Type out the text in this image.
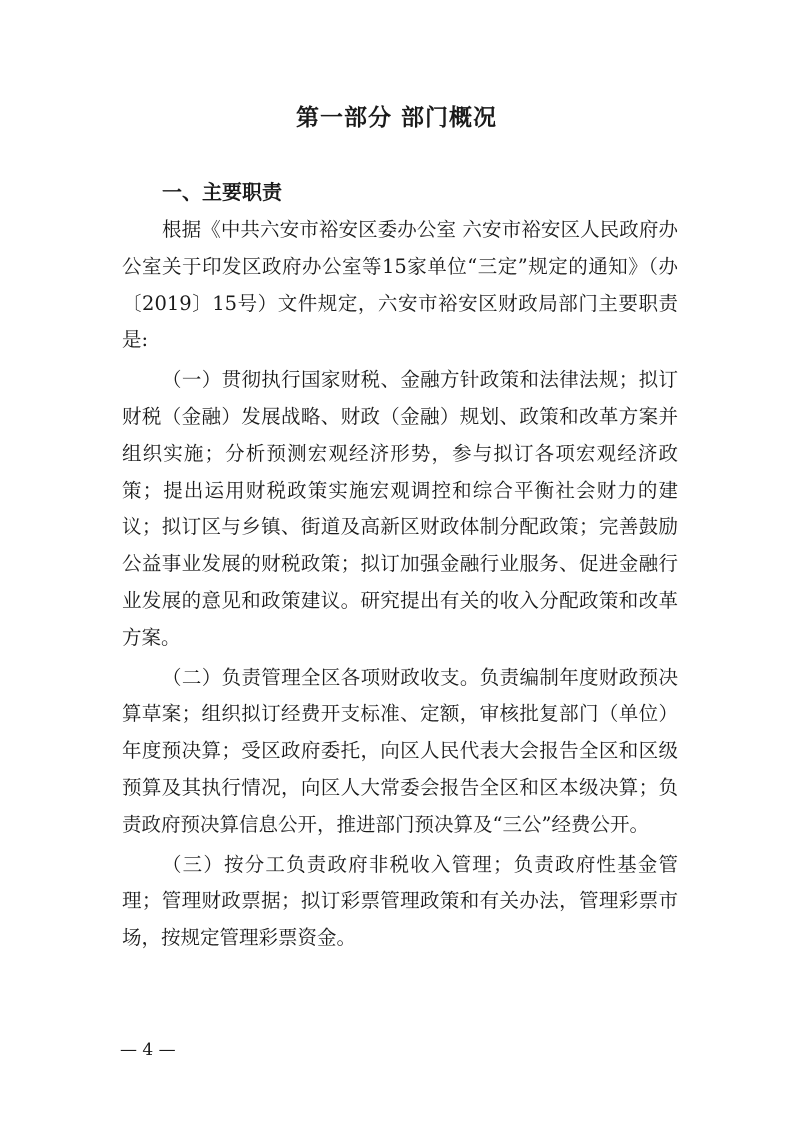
第一部分 部门概况
一、主要职责

根据《中共六安市裕安区委办公室 六安市裕安区人民政府办公室关于印发区政府办公室等15家单位“三定”规定的通知》（办〔2019〕15号）文件规定，六安市裕安区财政局部门主要职责是:

（一）贯彻执行国家财税、金融方针政策和法律法规；拟订财税（金融）发展战略、财政（金融）规划、政策和改革方案并组织实施；分析预测宏观经济形势，参与拟订各项宏观经济政策；提出运用财税政策实施宏观调控和综合平衡社会财力的建议；拟订区与乡镇、街道及高新区财政体制分配政策；完善鼓励公益事业发展的财税政策；拟订加强金融行业服务、促进金融行业发展的意见和政策建议。研究提出有关的收入分配政策和改革方案。

（二）负责管理全区各项财政收支。负责编制年度财政预决算草案；组织拟订经费开支标准、定额，审核批复部门（单位）年度预决算；受区政府委托，向区人民代表大会报告全区和区级预算及其执行情况，向区人大常委会报告全区和区本级决算；负责政府预决算信息公开，推进部门预决算及“三公”经费公开。

（三）按分工负责政府非税收入管理；负责政府性基金管理；管理财政票据；拟订彩票管理政策和有关办法，管理彩票市场，按规定管理彩票资金。

— 4 —
